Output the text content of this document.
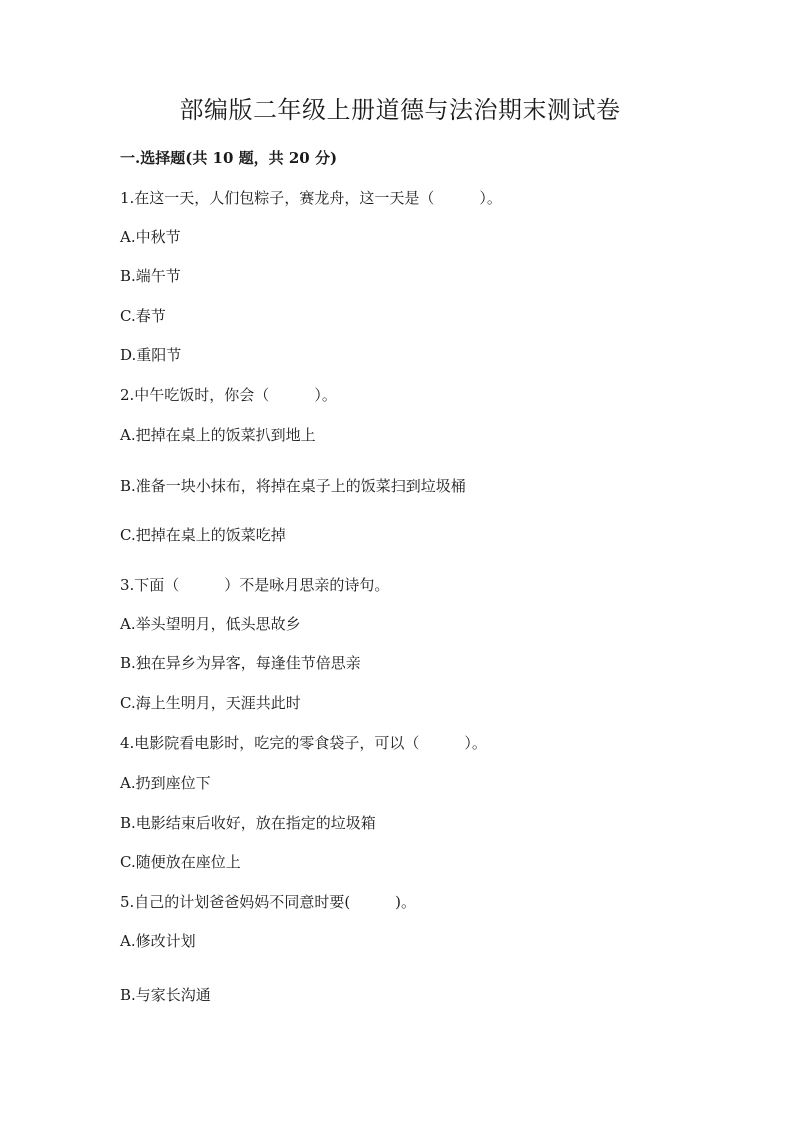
部编版二年级上册道德与法治期末测试卷
一.选择题(共 10 题，共 20 分)
1.在这一天，人们包粽子，赛龙舟，这一天是（　　　）。
A.中秋节
B.端午节
C.春节
D.重阳节
2.中午吃饭时，你会（　　　）。
A.把掉在桌上的饭菜扒到地上
B.准备一块小抹布，将掉在桌子上的饭菜扫到垃圾桶
C.把掉在桌上的饭菜吃掉
3.下面（　　　）不是咏月思亲的诗句。
A.举头望明月，低头思故乡
B.独在异乡为异客，每逢佳节倍思亲
C.海上生明月，天涯共此时
4.电影院看电影时，吃完的零食袋子，可以（　　　）。
A.扔到座位下
B.电影结束后收好，放在指定的垃圾箱
C.随便放在座位上
5.自己的计划爸爸妈妈不同意时要(　　　)。
A.修改计划
B.与家长沟通
